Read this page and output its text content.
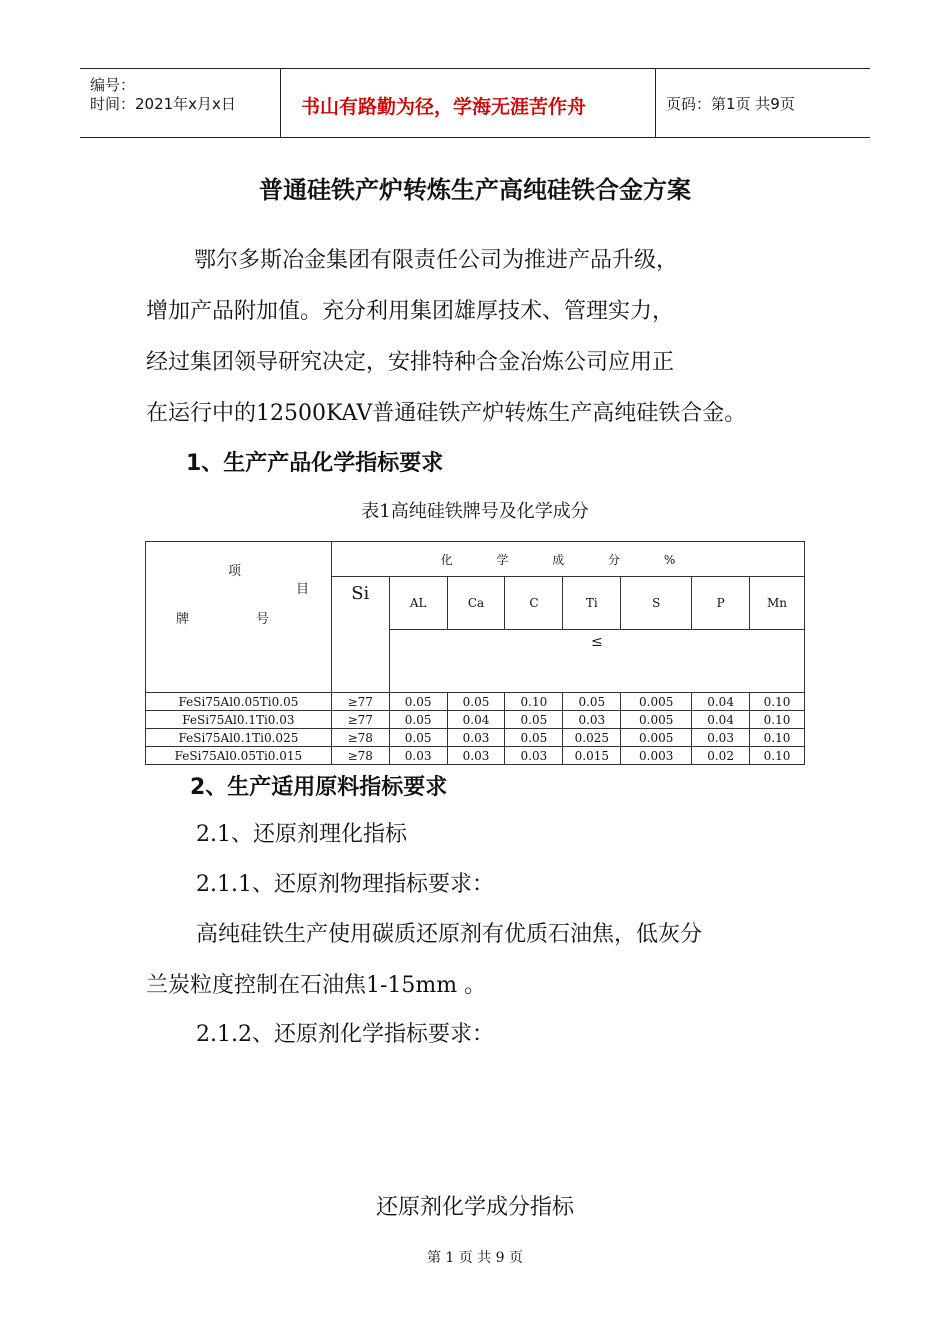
编号：
时间：2021年x月x日	书山有路勤为径，学海无涯苦作舟	页码：第1页 共9页
普通硅铁产炉转炼生产高纯硅铁合金方案
鄂尔多斯冶金集团有限责任公司为推进产品升级，
增加产品附加值。充分利用集团雄厚技术、管理实力，
经过集团领导研究决定，安排特种合金冶炼公司应用正
在运行中的12500KAV普通硅铁产炉转炼生产高纯硅铁合金。
1、生产产品化学指标要求
表1高纯硅铁牌号及化学成分
项
目
牌 号	化 学 成 分 %							
	Si	AL	Ca	C	Ti	S	P	Mn
		≤						
FeSi75Al0.05Ti0.05	≥77	0.05	0.05	0.10	0.05	0.005	0.04	0.10
FeSi75Al0.1Ti0.03	≥77	0.05	0.04	0.05	0.03	0.005	0.04	0.10
FeSi75Al0.1Ti0.025	≥78	0.05	0.03	0.05	0.025	0.005	0.03	0.10
FeSi75Al0.05Ti0.015	≥78	0.03	0.03	0.03	0.015	0.003	0.02	0.10
2、生产适用原料指标要求
2.1、还原剂理化指标
2.1.1、还原剂物理指标要求：
高纯硅铁生产使用碳质还原剂有优质石油焦，低灰分
兰炭粒度控制在石油焦1-15mm 。
2.1.2、还原剂化学指标要求：
还原剂化学成分指标
第 1 页 共 9 页
